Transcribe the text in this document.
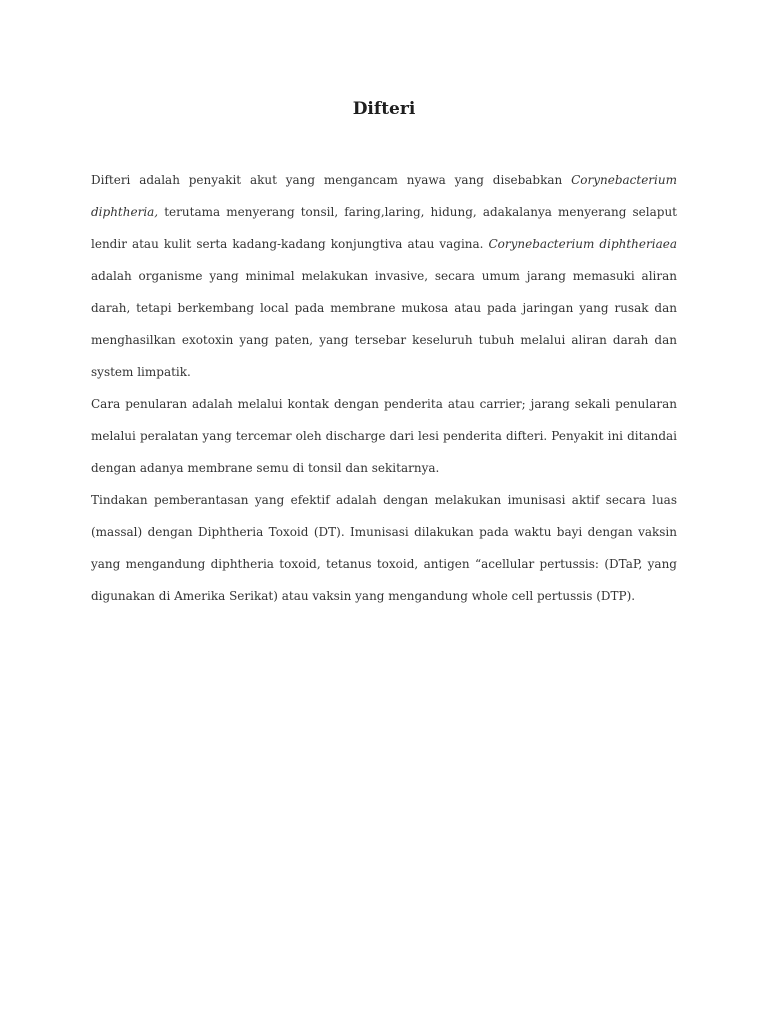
Difteri

Difteri adalah penyakit akut yang mengancam nyawa yang disebabkan Corynebacterium diphtheria, terutama menyerang tonsil, faring,laring, hidung, adakalanya menyerang selaput lendir atau kulit serta kadang-kadang konjungtiva atau vagina. Corynebacterium diphtheriaea adalah organisme yang minimal melakukan invasive, secara umum jarang memasuki aliran darah, tetapi berkembang local pada membrane mukosa atau pada jaringan yang rusak dan menghasilkan exotoxin yang paten, yang tersebar keseluruh tubuh melalui aliran darah dan system limpatik.

Cara penularan adalah melalui kontak dengan penderita atau carrier; jarang sekali penularan melalui peralatan yang tercemar oleh discharge dari lesi penderita difteri. Penyakit ini ditandai dengan adanya membrane semu di tonsil dan sekitarnya.

Tindakan pemberantasan yang efektif adalah dengan melakukan imunisasi aktif secara luas (massal) dengan Diphtheria Toxoid (DT). Imunisasi dilakukan pada waktu bayi dengan vaksin yang mengandung diphtheria toxoid, tetanus toxoid, antigen “acellular pertussis: (DTaP, yang digunakan di Amerika Serikat) atau vaksin yang mengandung whole cell pertussis (DTP).
